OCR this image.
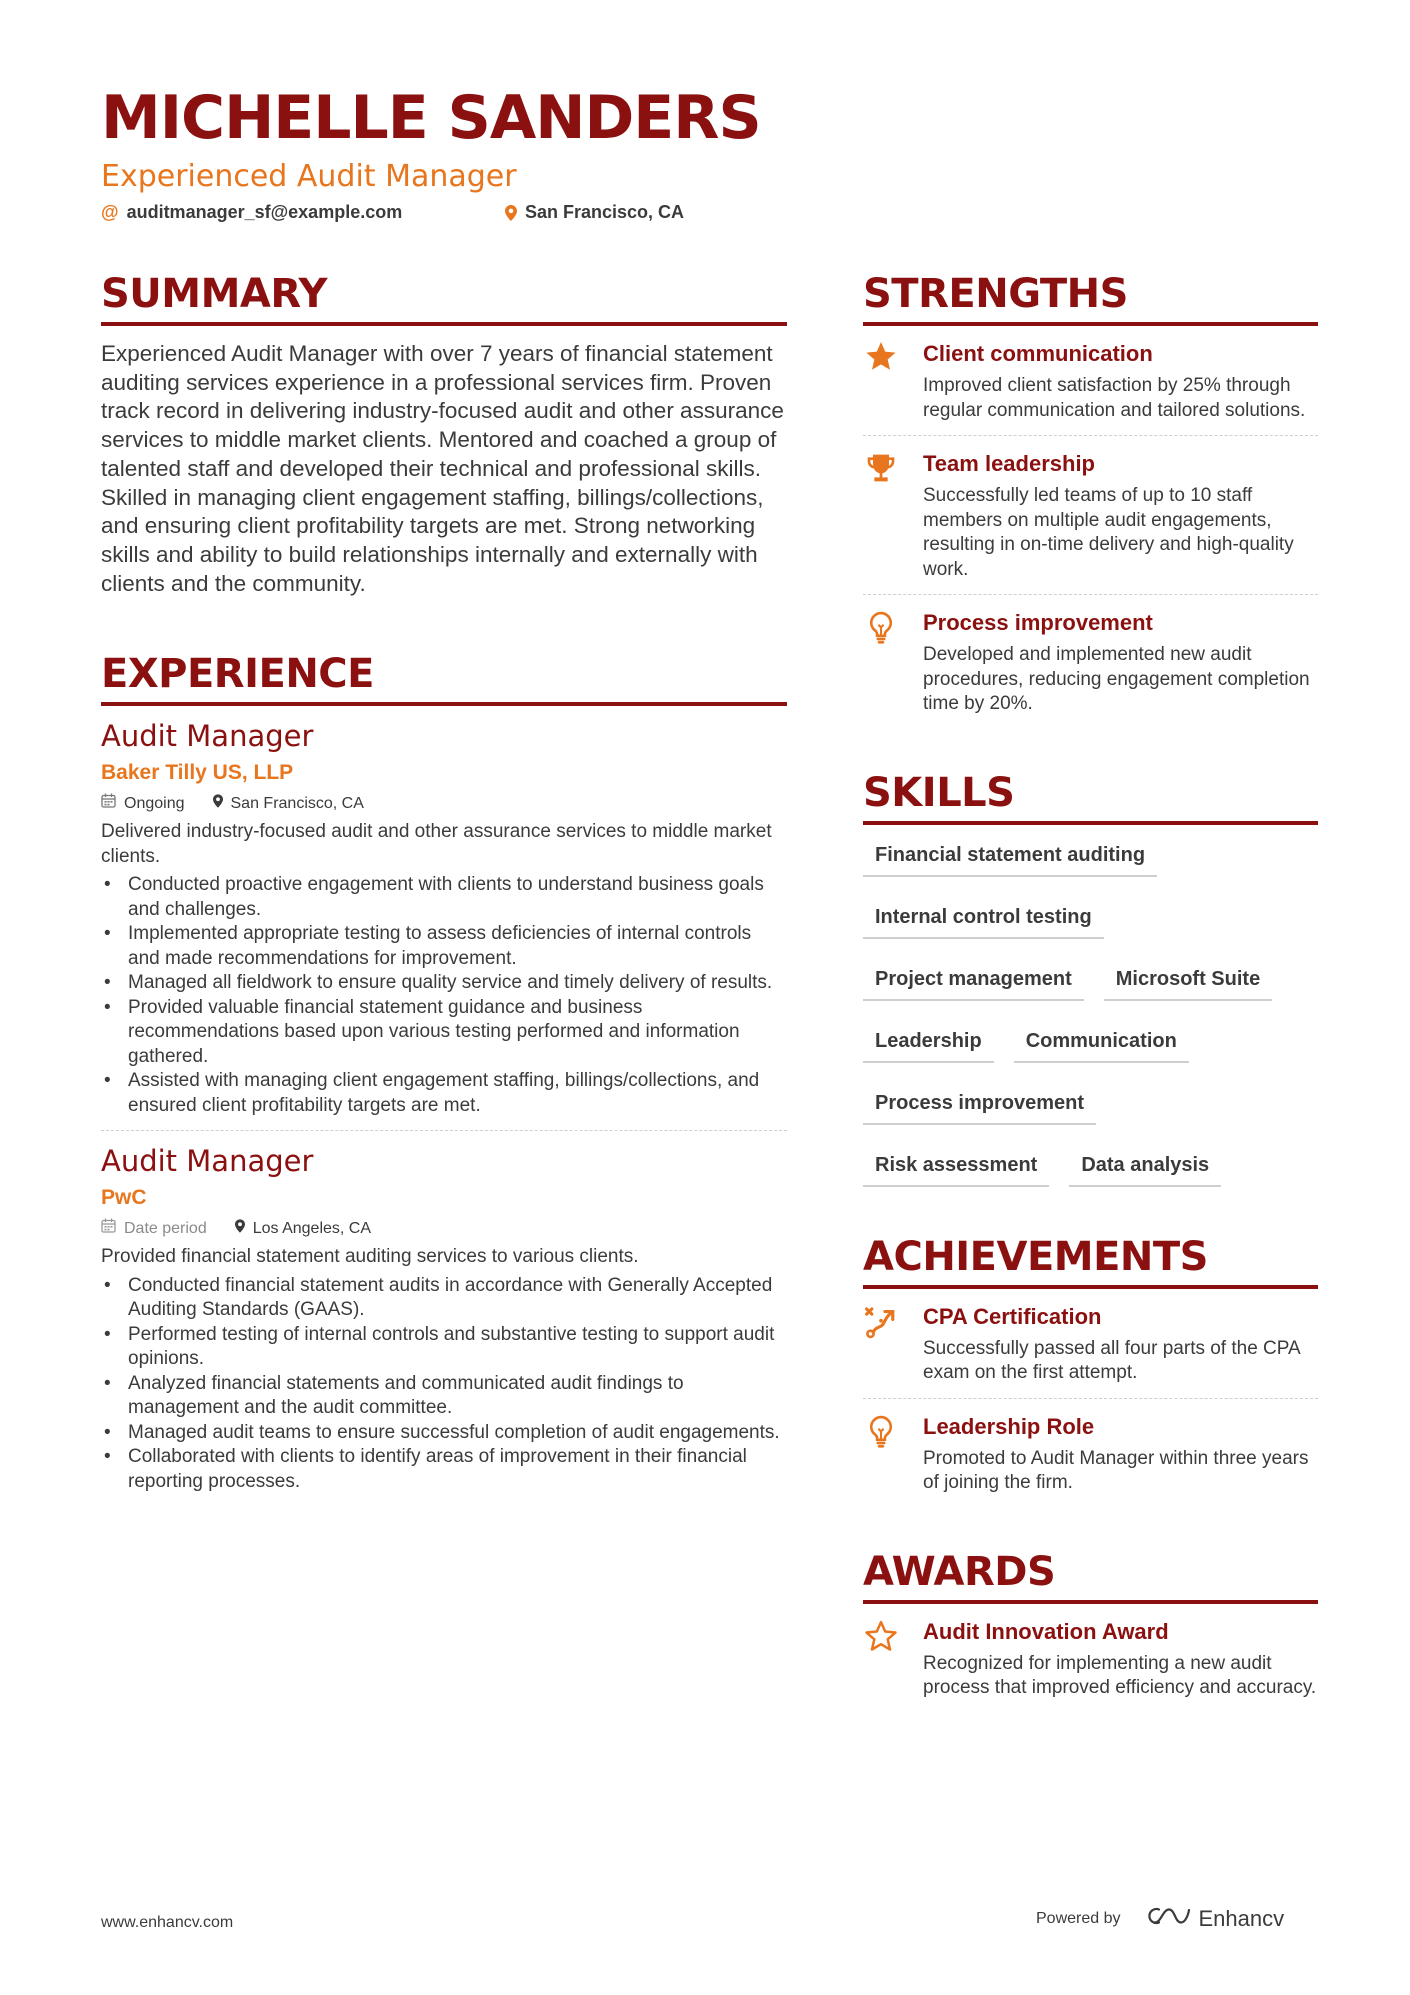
MICHELLE SANDERS
Experienced Audit Manager
@ auditmanager_sf@example.com	San Francisco, CA
SUMMARY

Experienced Audit Manager with over 7 years of financial statement auditing services experience in a professional services firm. Proven track record in delivering industry-focused audit and other assurance services to middle market clients. Mentored and coached a group of talented staff and developed their technical and professional skills. Skilled in managing client engagement staffing, billings/collections, and ensuring client profitability targets are met. Strong networking skills and ability to build relationships internally and externally with clients and the community.

EXPERIENCE
Audit Manager
Baker Tilly US, LLP
Ongoing	San Francisco, CA
Delivered industry-focused audit and other assurance services to middle market clients.
• Conducted proactive engagement with clients to understand business goals and challenges.
• Implemented appropriate testing to assess deficiencies of internal controls and made recommendations for improvement.
• Managed all fieldwork to ensure quality service and timely delivery of results.
• Provided valuable financial statement guidance and business recommendations based upon various testing performed and information gathered.
• Assisted with managing client engagement staffing, billings/collections, and ensured client profitability targets are met.
Audit Manager
PwC
Date period	Los Angeles, CA
Provided financial statement auditing services to various clients.
• Conducted financial statement audits in accordance with Generally Accepted Auditing Standards (GAAS).
• Performed testing of internal controls and substantive testing to support audit opinions.
• Analyzed financial statements and communicated audit findings to management and the audit committee.
• Managed audit teams to ensure successful completion of audit engagements.
• Collaborated with clients to identify areas of improvement in their financial reporting processes.
STRENGTHS
Client communication
Improved client satisfaction by 25% through regular communication and tailored solutions.
Team leadership
Successfully led teams of up to 10 staff members on multiple audit engagements, resulting in on-time delivery and high-quality work.
Process improvement
Developed and implemented new audit procedures, reducing engagement completion time by 20%.
SKILLS
Financial statement auditing
Internal control testing
Project management	Microsoft Suite
Leadership	Communication
Process improvement
Risk assessment	Data analysis
ACHIEVEMENTS
CPA Certification
Successfully passed all four parts of the CPA exam on the first attempt.
Leadership Role
Promoted to Audit Manager within three years of joining the firm.
AWARDS
Audit Innovation Award
Recognized for implementing a new audit process that improved efficiency and accuracy.
www.enhancv.com	Powered by	Enhancv
